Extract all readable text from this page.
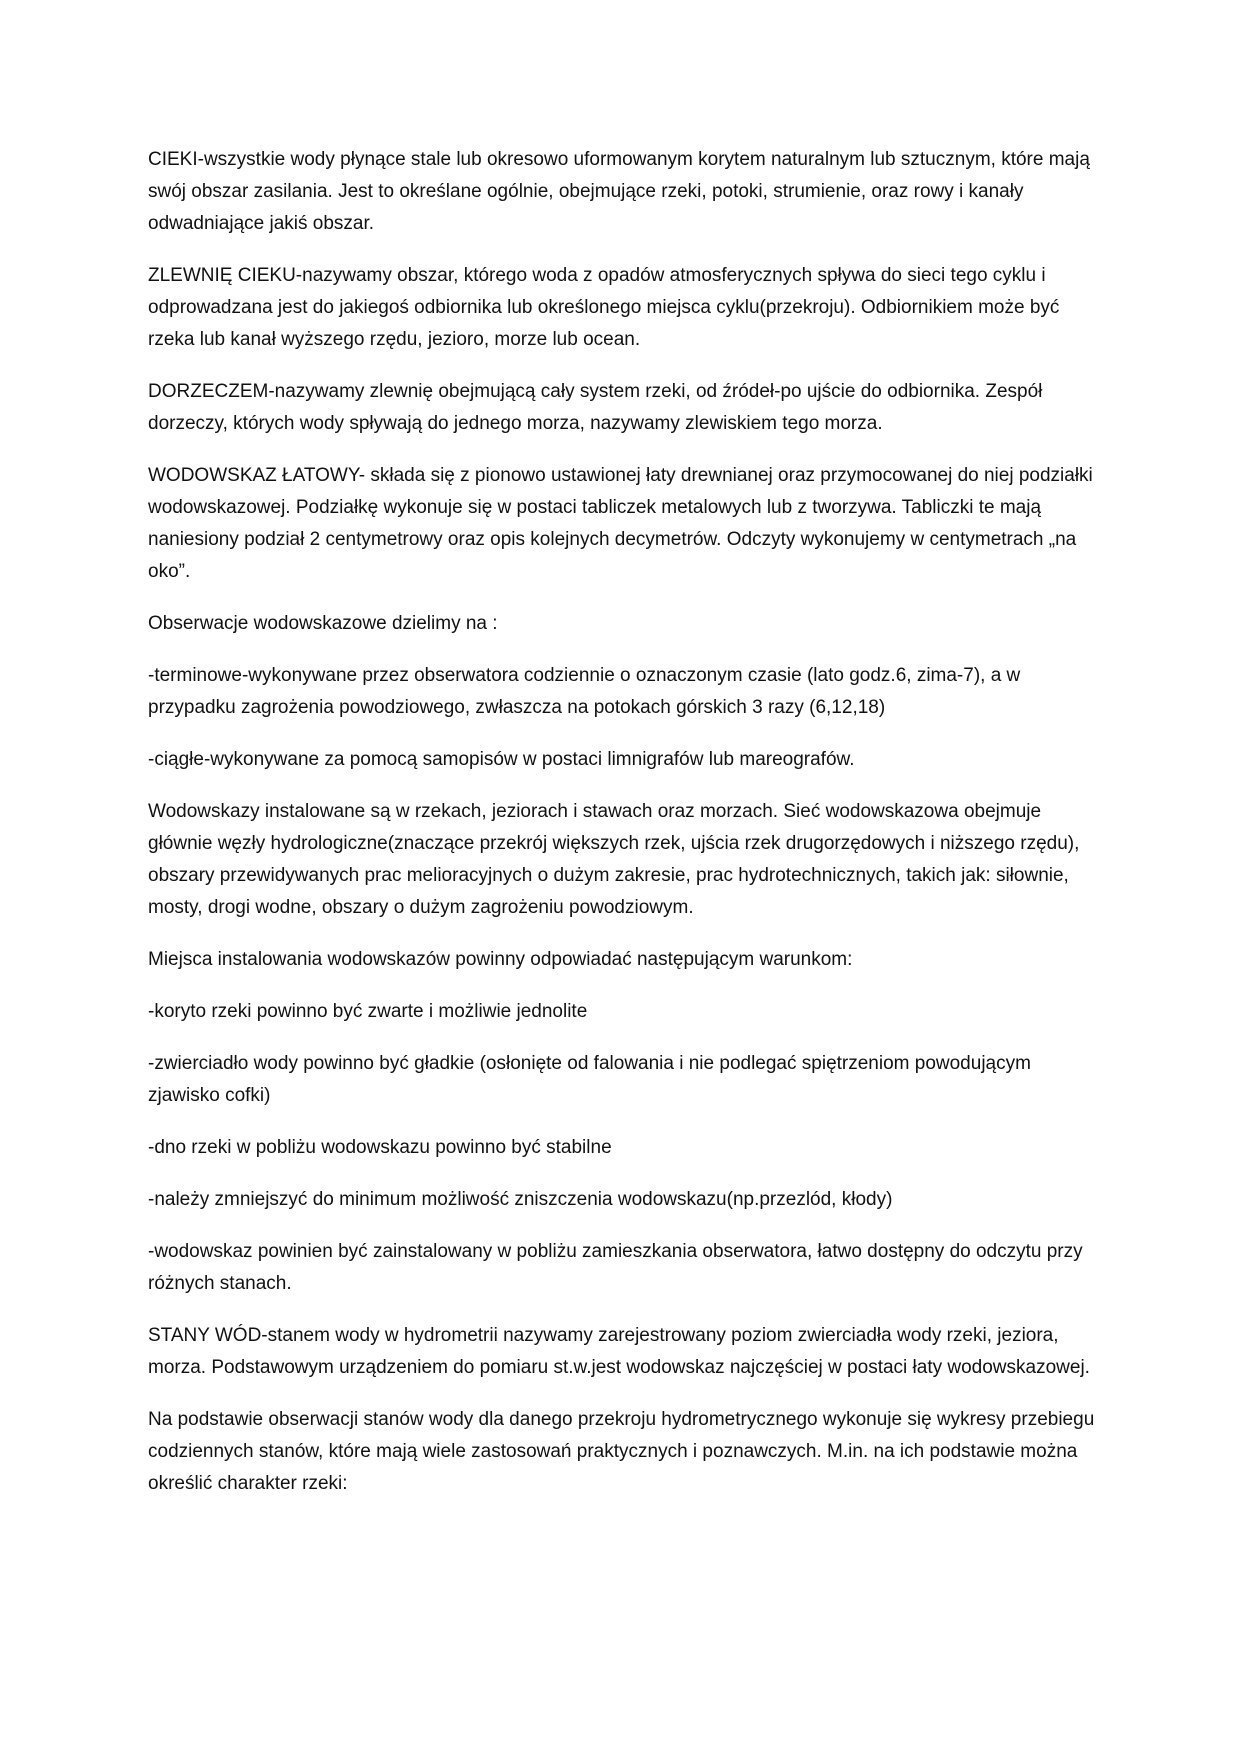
CIEKI-wszystkie wody płynące stale lub okresowo uformowanym korytem naturalnym lub sztucznym, które mają swój obszar zasilania. Jest to określane ogólnie, obejmujące rzeki, potoki, strumienie, oraz rowy i kanały odwadniające jakiś obszar.

ZLEWNIĘ CIEKU-nazywamy obszar, którego woda z opadów atmosferycznych spływa do sieci tego cyklu i odprowadzana jest do jakiegoś odbiornika lub określonego miejsca cyklu(przekroju). Odbiornikiem może być rzeka lub kanał wyższego rzędu, jezioro, morze lub ocean.

DORZECZEM-nazywamy zlewnię obejmującą cały system rzeki, od źródeł-po ujście do odbiornika. Zespół dorzeczy, których wody spływają do jednego morza, nazywamy zlewiskiem tego morza.

WODOWSKAZ ŁATOWY- składa się z pionowo ustawionej łaty drewnianej oraz przymocowanej do niej podziałki wodowskazowej. Podziałkę wykonuje się w postaci tabliczek metalowych lub z tworzywa. Tabliczki te mają naniesiony podział 2 centymetrowy oraz opis kolejnych decymetrów. Odczyty wykonujemy w centymetrach „na oko”.

Obserwacje wodowskazowe dzielimy na :

-terminowe-wykonywane przez obserwatora codziennie o oznaczonym czasie (lato godz.6, zima-7), a w przypadku zagrożenia powodziowego, zwłaszcza na potokach górskich 3 razy (6,12,18)

-ciągłe-wykonywane za pomocą samopisów w postaci limnigrafów lub mareografów.

Wodowskazy instalowane są w rzekach, jeziorach i stawach oraz morzach. Sieć wodowskazowa obejmuje głównie węzły hydrologiczne(znaczące przekrój większych rzek, ujścia rzek drugorzędowych i niższego rzędu), obszary przewidywanych prac melioracyjnych o dużym zakresie, prac hydrotechnicznych, takich jak: siłownie, mosty, drogi wodne, obszary o dużym zagrożeniu powodziowym.

Miejsca instalowania wodowskazów powinny odpowiadać następującym warunkom:

-koryto rzeki powinno być zwarte i możliwie jednolite

-zwierciadło wody powinno być gładkie (osłonięte od falowania i nie podlegać spiętrzeniom powodującym zjawisko cofki)

-dno rzeki w pobliżu wodowskazu powinno być stabilne

-należy zmniejszyć do minimum możliwość zniszczenia wodowskazu(np.przezlód, kłody)

-wodowskaz powinien być zainstalowany w pobliżu zamieszkania obserwatora, łatwo dostępny do odczytu przy różnych stanach.

STANY WÓD-stanem wody w hydrometrii nazywamy zarejestrowany poziom zwierciadła wody rzeki, jeziora, morza. Podstawowym urządzeniem do pomiaru st.w.jest wodowskaz najczęściej w postaci łaty wodowskazowej.

Na podstawie obserwacji stanów wody dla danego przekroju hydrometrycznego wykonuje się wykresy przebiegu codziennych stanów, które mają wiele zastosowań praktycznych i poznawczych. M.in. na ich podstawie można określić charakter rzeki:
